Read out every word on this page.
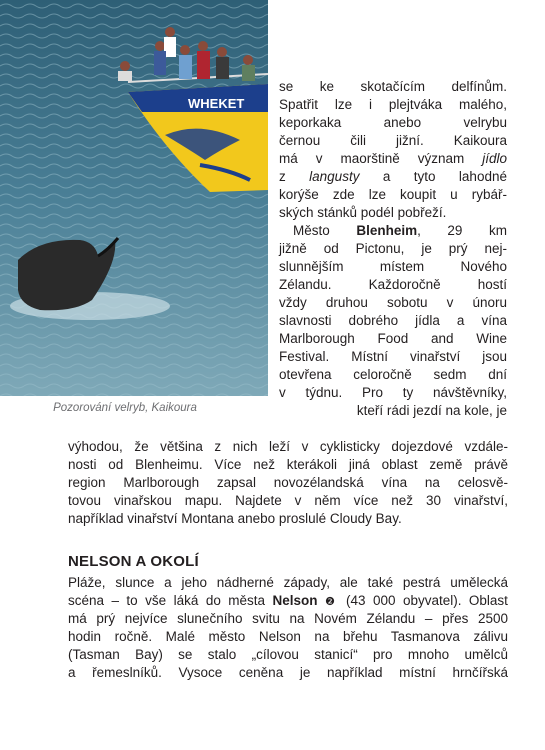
WHEKET
Pozorování velryb, Kaikoura
se ke skotačícím delfínům.
Spatřit lze i plejtváka malého,
keporkaka anebo velrybu
černou čili jižní. Kaikoura
má v maorštině význam jídlo
z langusty a tyto lahodné
korýše zde lze koupit u rybář-
ských stánků podél pobřeží.
Město Blenheim, 29 km
jižně od Pictonu, je prý nej-
slunnějším místem Nového
Zélandu. Každoročně hostí
vždy druhou sobotu v únoru
slavnosti dobrého jídla a vína
Marlborough Food and Wine
Festival. Místní vinařství jsou
otevřena celoročně sedm dní
v týdnu. Pro ty návštěvníky,
kteří rádi jezdí na kole, je
výhodou, že většina z nich leží v cyklisticky dojezdové vzdále-
nosti od Blenheimu. Více než kterákoli jiná oblast země právě
region Marlborough zapsal novozélandská vína na celosvě-
tovou vinařskou mapu. Najdete v něm více než 30 vinařství,
například vinařství Montana anebo proslulé Cloudy Bay.
NELSON A OKOLÍ
Pláže, slunce a jeho nádherné západy, ale také pestrá umělecká
scéna – to vše láká do města Nelson ❷ (43 000 obyvatel). Oblast
má prý nejvíce slunečního svitu na Novém Zélandu – přes 2500
hodin ročně. Malé město Nelson na břehu Tasmanova zálivu
(Tasman Bay) se stalo „cílovou stanicí“ pro mnoho umělců
a řemeslníků. Vysoce ceněna je například místní hrnčířská
